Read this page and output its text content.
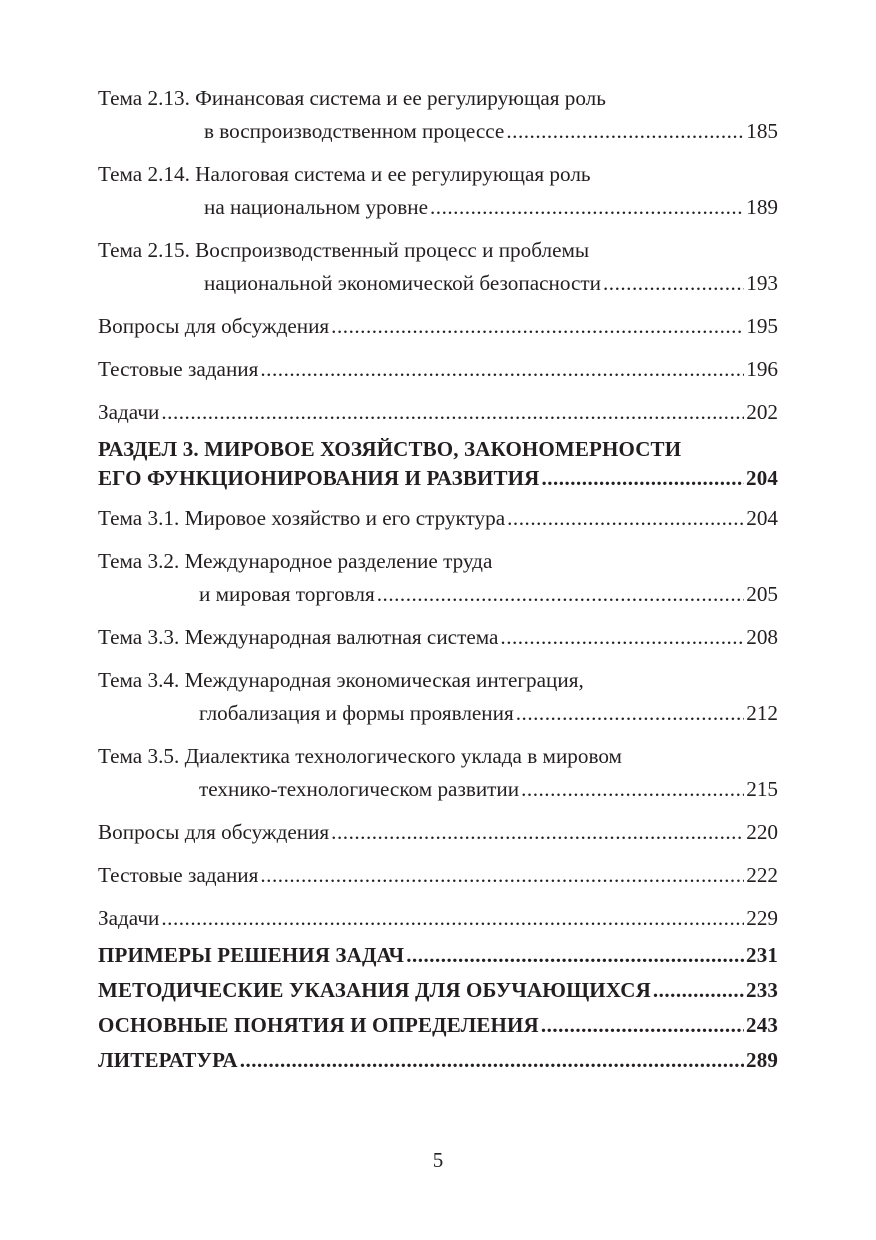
Тема 2.13. Финансовая система и ее регулирующая роль
в воспроизводственном процессе .....	185
Тема 2.14. Налоговая система и ее регулирующая роль
на национальном уровне .....	189
Тема 2.15. Воспроизводственный процесс и проблемы
национальной экономической безопасности .....	193
Вопросы для обсуждения .....	195
Тестовые задания .....	196
Задачи .....	202
РАЗДЕЛ 3. МИРОВОЕ ХОЗЯЙСТВО, ЗАКОНОМЕРНОСТИ
ЕГО ФУНКЦИОНИРОВАНИЯ И РАЗВИТИЯ .....	204
Тема 3.1. Мировое хозяйство и его структура .....	204
Тема 3.2. Международное разделение труда
и мировая торговля .....	205
Тема 3.3. Международная валютная система .....	208
Тема 3.4. Международная экономическая интеграция,
глобализация и формы проявления .....	212
Тема 3.5. Диалектика технологического уклада в мировом
технико-технологическом развитии .....	215
Вопросы для обсуждения .....	220
Тестовые задания .....	222
Задачи .....	229
ПРИМЕРЫ РЕШЕНИЯ ЗАДАЧ .....	231
МЕТОДИЧЕСКИЕ УКАЗАНИЯ ДЛЯ ОБУЧАЮЩИХСЯ .....	233
ОСНОВНЫЕ ПОНЯТИЯ И ОПРЕДЕЛЕНИЯ .....	243
ЛИТЕРАТУРА .....	289
5
